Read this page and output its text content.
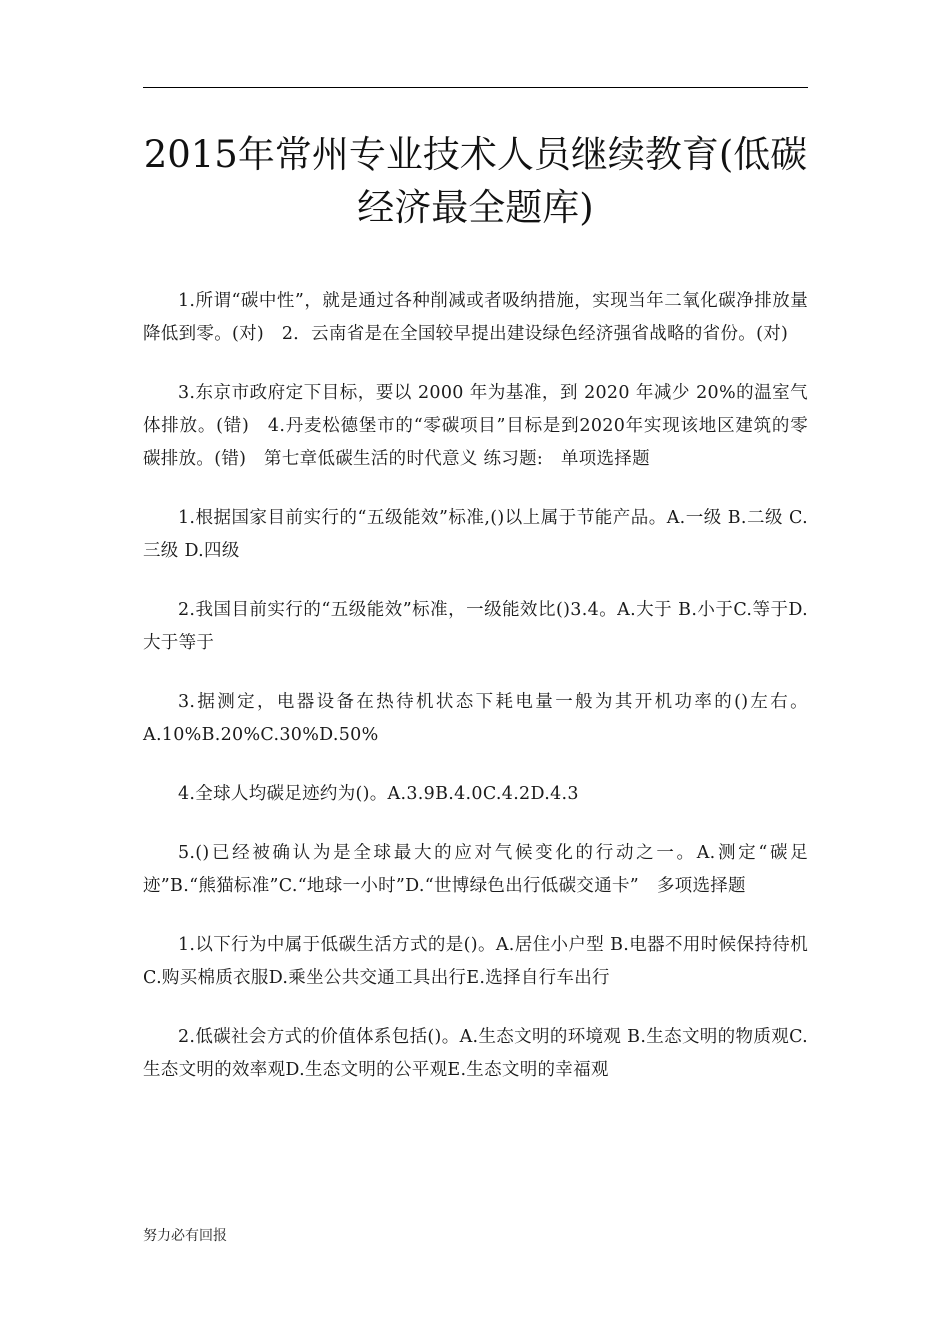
2015年常州专业技术人员继续教育(低碳经济最全题库)

1.所谓“碳中性”，就是通过各种削减或者吸纳措施，实现当年二氧化碳净排放量降低到零。(对)　2．云南省是在全国较早提出建设绿色经济强省战略的省份。(对)

3.东京市政府定下目标，要以 2000 年为基准，到 2020 年减少 20%的温室气体排放。(错)　4.丹麦松德堡市的“零碳项目”目标是到2020年实现该地区建筑的零碳排放。(错)　第七章低碳生活的时代意义 练习题:　单项选择题

1.根据国家目前实行的“五级能效”标准,()以上属于节能产品。A.一级 B.二级 C.三级 D.四级

2.我国目前实行的“五级能效”标准，一级能效比()3.4。A.大于 B.小于C.等于D.大于等于

3.据测定，电器设备在热待机状态下耗电量一般为其开机功率的()左右。A.10%B.20%C.30%D.50%

4.全球人均碳足迹约为()。A.3.9B.4.0C.4.2D.4.3

5.()已经被确认为是全球最大的应对气候变化的行动之一。A.测定“碳足迹”B.“熊猫标准”C.“地球一小时”D.“世博绿色出行低碳交通卡”　多项选择题

1.以下行为中属于低碳生活方式的是()。A.居住小户型 B.电器不用时候保持待机C.购买棉质衣服D.乘坐公共交通工具出行E.选择自行车出行

2.低碳社会方式的价值体系包括()。A.生态文明的环境观 B.生态文明的物质观C.生态文明的效率观D.生态文明的公平观E.生态文明的幸福观

努力必有回报
